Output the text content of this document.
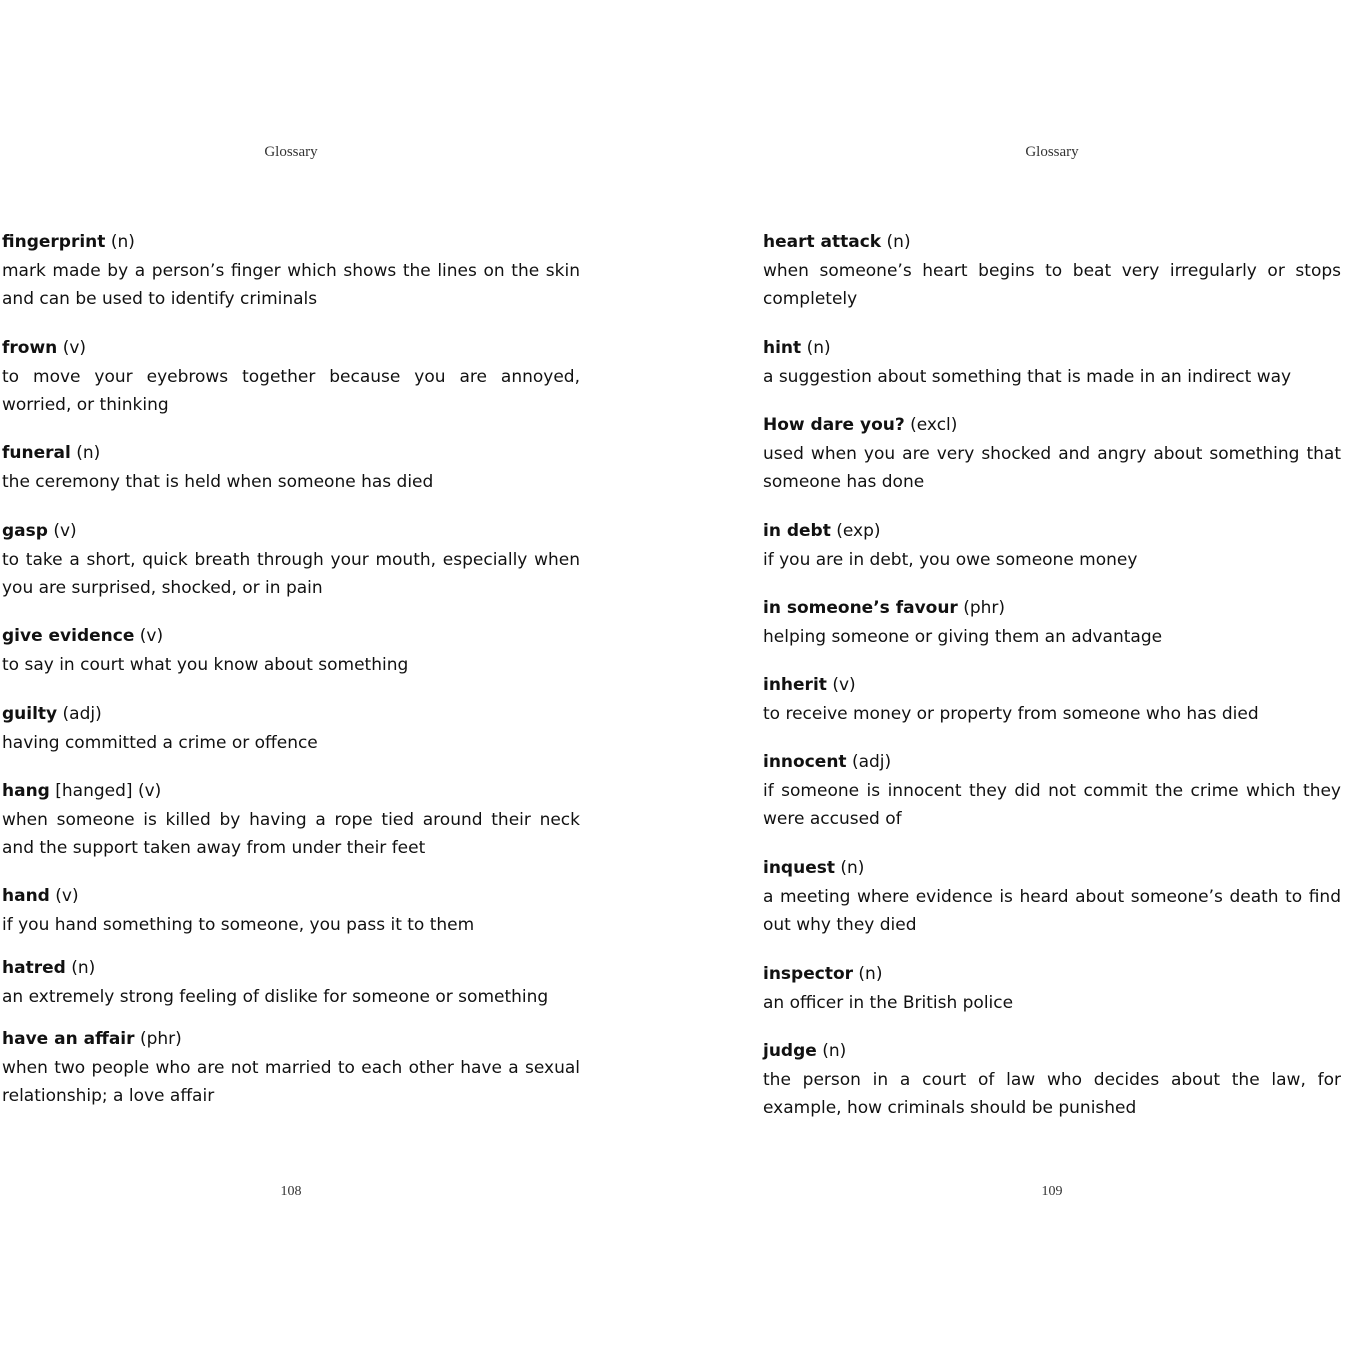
Glossary

fingerprint (n)

mark made by a person’s finger which shows the lines on the skin and can be used to identify criminals

frown (v)

to move your eyebrows together because you are annoyed, worried, or thinking

funeral (n)

the ceremony that is held when someone has died

gasp (v)

to take a short, quick breath through your mouth, especially when you are surprised, shocked, or in pain

give evidence (v)

to say in court what you know about something

guilty (adj)

having committed a crime or offence

hang [hanged] (v)

when someone is killed by having a rope tied around their neck and the support taken away from under their feet

hand (v)

if you hand something to someone, you pass it to them

hatred (n)

an extremely strong feeling of dislike for someone or something

have an affair (phr)

when two people who are not married to each other have a sexual relationship; a love affair

108
Glossary

heart attack (n)

when someone’s heart begins to beat very irregularly or stops completely

hint (n)

a suggestion about something that is made in an indirect way

How dare you? (excl)

used when you are very shocked and angry about something that someone has done

in debt (exp)

if you are in debt, you owe someone money

in someone’s favour (phr)

helping someone or giving them an advantage

inherit (v)

to receive money or property from someone who has died

innocent (adj)

if someone is innocent they did not commit the crime which they were accused of

inquest (n)

a meeting where evidence is heard about someone’s death to find out why they died

inspector (n)

an officer in the British police

judge (n)

the person in a court of law who decides about the law, for example, how criminals should be punished

109
